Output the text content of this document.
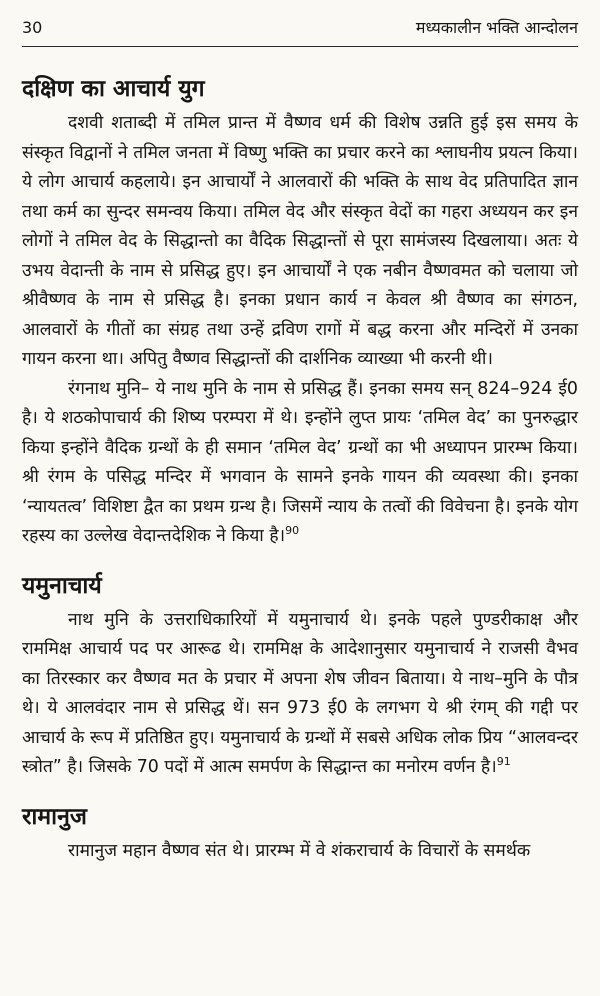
30	मध्यकालीन भक्ति आन्दोलन
दक्षिण का आचार्य युग

दशवी शताब्दी में तमिल प्रान्त में वैष्णव धर्म की विशेष उन्नति हुई इस समय के संस्कृत विद्वानों ने तमिल जनता में विष्णु भक्ति का प्रचार करने का श्लाघनीय प्रयत्न किया। ये लोग आचार्य कहलाये। इन आचार्यों ने आलवारों की भक्ति के साथ वेद प्रतिपादित ज्ञान तथा कर्म का सुन्दर समन्वय किया। तमिल वेद और संस्कृत वेदों का गहरा अध्ययन कर इन लोगों ने तमिल वेद के सिद्धान्तो का वैदिक सिद्धान्तों से पूरा सामंजस्य दिखलाया। अतः ये उभय वेदान्ती के नाम से प्रसिद्ध हुए। इन आचार्यों ने एक नबीन वैष्णवमत को चलाया जो श्रीवैष्णव के नाम से प्रसिद्ध है। इनका प्रधान कार्य न केवल श्री वैष्णव का संगठन, आलवारों के गीतों का संग्रह तथा उन्हें द्रविण रागों में बद्ध करना और मन्दिरों में उनका गायन करना था। अपितु वैष्णव सिद्धान्तों की दार्शनिक व्याख्या भी करनी थी।

रंगनाथ मुनि– ये नाथ मुनि के नाम से प्रसिद्ध हैं। इनका समय सन् 824–924 ई0 है। ये शठकोपाचार्य की शिष्य परम्परा में थे। इन्होंने लुप्त प्रायः ‘तमिल वेद’ का पुनरुद्धार किया इन्होंने वैदिक ग्रन्थों के ही समान ‘तमिल वेद’ ग्रन्थों का भी अध्यापन प्रारम्भ किया। श्री रंगम के पसिद्ध मन्दिर में भगवान के सामने इनके गायन की व्यवस्था की। इनका ‘न्यायतत्व’ विशिष्टा द्वैत का प्रथम ग्रन्थ है। जिसमें न्याय के तत्वों की विवेचना है। इनके योग रहस्य का उल्लेख वेदान्तदेशिक ने किया है।$^{90}$

यमुनाचार्य

नाथ मुनि के उत्तराधिकारियों में यमुनाचार्य थे। इनके पहले पुण्डरीकाक्ष और राममिक्ष आचार्य पद पर आरूढ थे। राममिक्ष के आदेशानुसार यमुनाचार्य ने राजसी वैभव का तिरस्कार कर वैष्णव मत के प्रचार में अपना शेष जीवन बिताया। ये नाथ–मुनि के पौत्र थे। ये आलवंदार नाम से प्रसिद्ध थें। सन 973 ई0 के लगभग ये श्री रंगम् की गद्दी पर आचार्य के रूप में प्रतिष्ठित हुए। यमुनाचार्य के ग्रन्थों में सबसे अधिक लोक प्रिय “आलवन्दर स्त्रोत” है। जिसके 70 पदों में आत्म समर्पण के सिद्धान्त का मनोरम वर्णन है।$^{91}$

रामानुज

रामानुज महान वैष्णव संत थे। प्रारम्भ में वे शंकराचार्य के विचारों के समर्थक
